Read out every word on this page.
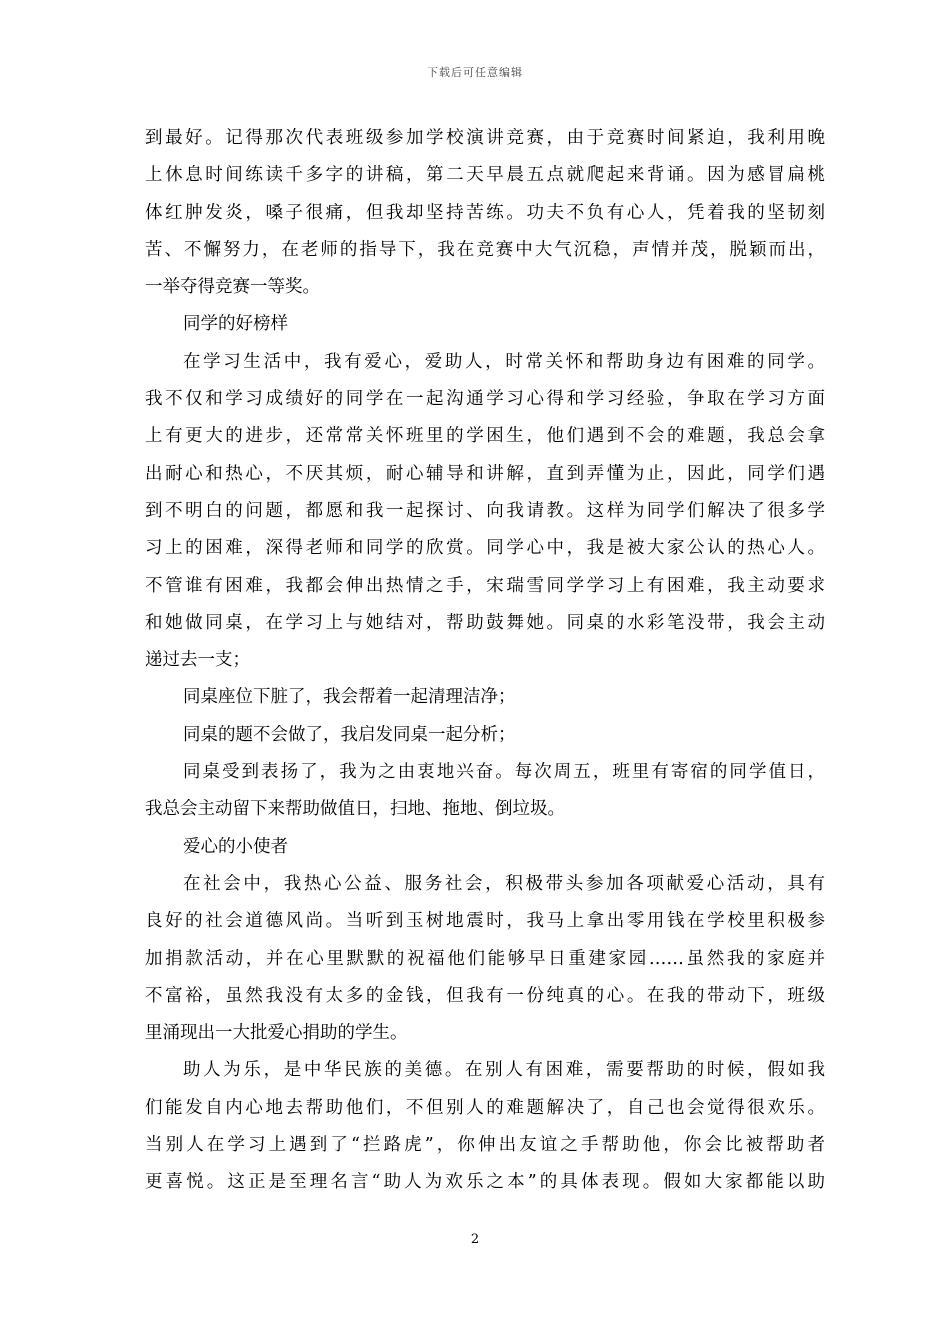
下载后可任意编辑
到最好。记得那次代表班级参加学校演讲竞赛，由于竞赛时间紧迫，我利用晚
上休息时间练读千多字的讲稿，第二天早晨五点就爬起来背诵。因为感冒扁桃
体红肿发炎，嗓子很痛，但我却坚持苦练。功夫不负有心人，凭着我的坚韧刻
苦、不懈努力，在老师的指导下，我在竞赛中大气沉稳，声情并茂，脱颖而出，
一举夺得竞赛一等奖。
同学的好榜样
在学习生活中，我有爱心，爱助人，时常关怀和帮助身边有困难的同学。
我不仅和学习成绩好的同学在一起沟通学习心得和学习经验，争取在学习方面
上有更大的进步，还常常关怀班里的学困生，他们遇到不会的难题，我总会拿
出耐心和热心，不厌其烦，耐心辅导和讲解，直到弄懂为止，因此，同学们遇
到不明白的问题，都愿和我一起探讨、向我请教。这样为同学们解决了很多学
习上的困难，深得老师和同学的欣赏。同学心中，我是被大家公认的热心人。
不管谁有困难，我都会伸出热情之手，宋瑞雪同学学习上有困难，我主动要求
和她做同桌，在学习上与她结对，帮助鼓舞她。同桌的水彩笔没带，我会主动
递过去一支；
同桌座位下脏了，我会帮着一起清理洁净；
同桌的题不会做了，我启发同桌一起分析；
同桌受到表扬了，我为之由衷地兴奋。每次周五，班里有寄宿的同学值日，
我总会主动留下来帮助做值日，扫地、拖地、倒垃圾。
爱心的小使者
在社会中，我热心公益、服务社会，积极带头参加各项献爱心活动，具有
良好的社会道德风尚。当听到玉树地震时，我马上拿出零用钱在学校里积极参
加捐款活动，并在心里默默的祝福他们能够早日重建家园……虽然我的家庭并
不富裕，虽然我没有太多的金钱，但我有一份纯真的心。在我的带动下，班级
里涌现出一大批爱心捐助的学生。
助人为乐，是中华民族的美德。在别人有困难，需要帮助的时候，假如我
们能发自内心地去帮助他们，不但别人的难题解决了，自己也会觉得很欢乐。
当别人在学习上遇到了“拦路虎”，你伸出友谊之手帮助他，你会比被帮助者
更喜悦。这正是至理名言“助人为欢乐之本”的具体表现。假如大家都能以助
2
